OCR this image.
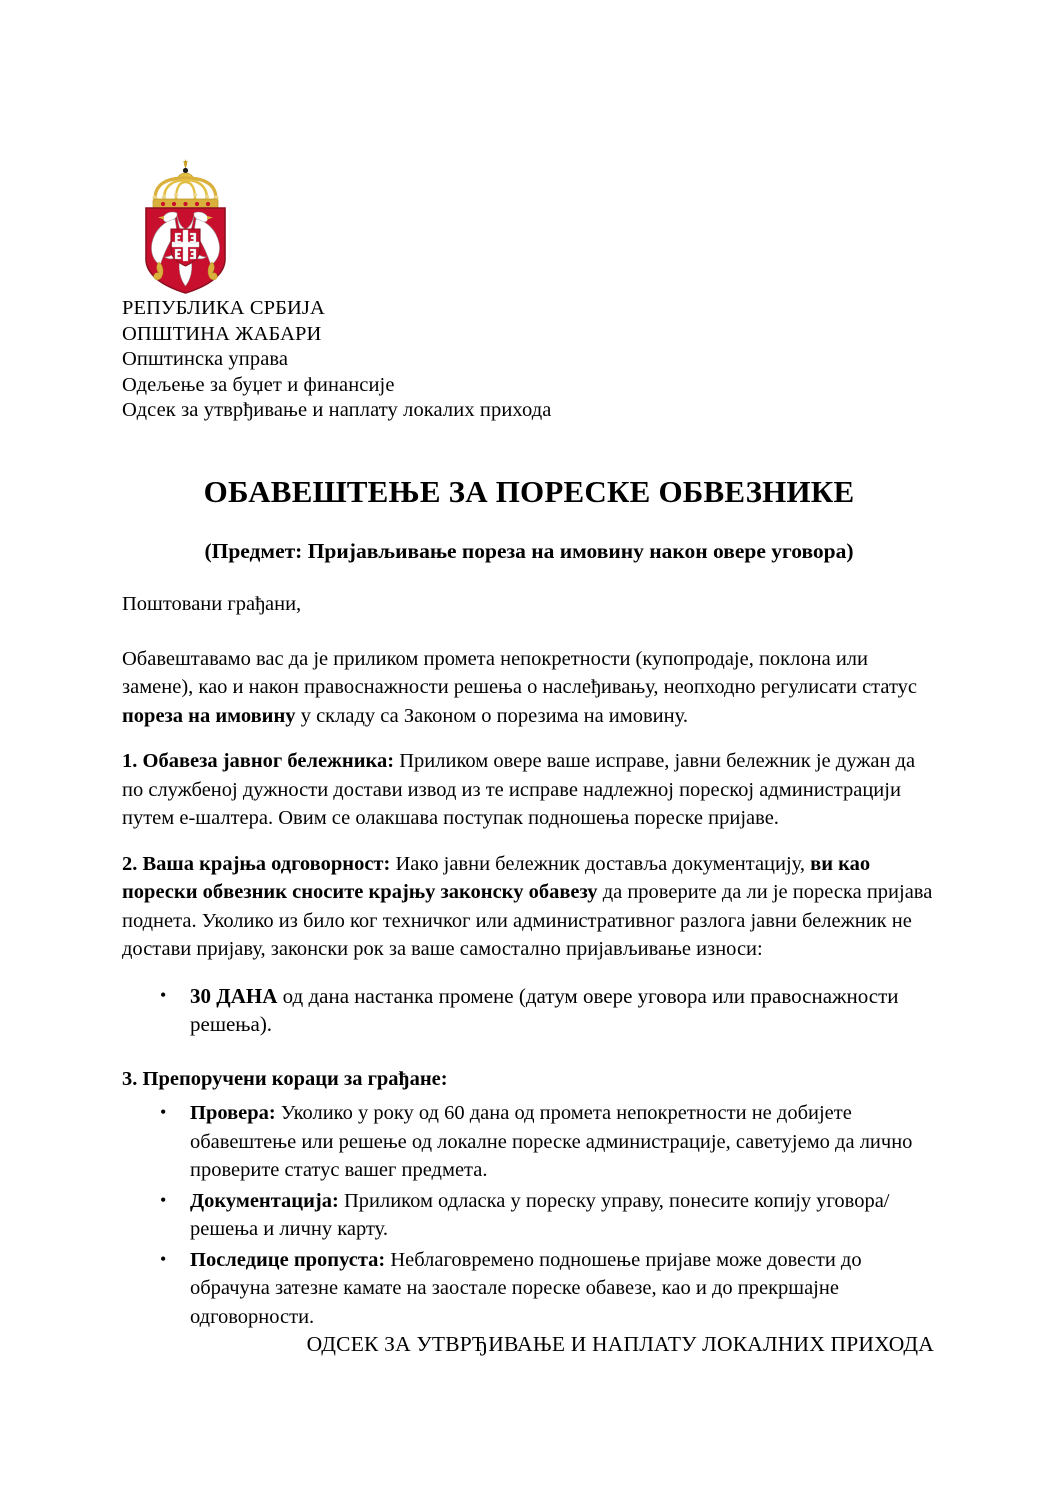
РЕПУБЛИКА СРБИЈА
ОПШТИНА ЖАБАРИ
Општинска управа
Одељење за буџет и финансије
Одсек за утврђивање и наплату локалих прихода
ОБАВЕШТЕЊЕ ЗА ПОРЕСКЕ ОБВЕЗНИКЕ
(Предмет: Пријављивање пореза на имовину након овере уговора)

Поштовани грађани,

Обавештавамо вас да је приликом промета непокретности (купопродаје, поклона или замене), као и након правоснажности решења о наслеђивању, неопходно регулисати статус пореза на имовину у складу са Законом о порезима на имовину.

1. Обавеза јавног бележника: Приликом овере ваше исправе, јавни бележник је дужан да по службеној дужности достави извод из те исправе надлежној пореској администрацији путем е-шалтера. Овим се олакшава поступак подношења пореске пријаве.

2. Ваша крајња одговорност: Иако јавни бележник доставља документацију, ви као порески обвезник сносите крајњу законску обавезу да проверите да ли је пореска пријава поднета. Уколико из било ког техничког или административног разлога јавни бележник не достави пријаву, законски рок за ваше самостално пријављивање износи:

• 30 ДАНА од дана настанка промене (датум овере уговора или правоснажности решења).

3. Препоручени кораци за грађане:

• Провера: Уколико у року од 60 дана од промета непокретности не добијете обавештење или решење од локалне пореске администрације, саветујемо да лично проверите статус вашег предмета.
• Документација: Приликом одласка у пореску управу, понесите копију уговора/решења и личну карту.
• Последице пропуста: Неблаговремено подношење пријаве може довести до обрачуна затезне камате на заостале пореске обавезе, као и до прекршајне одговорности.
ОДСЕК ЗА УТВРЂИВАЊЕ И НАПЛАТУ ЛОКАЛНИХ ПРИХОДА
